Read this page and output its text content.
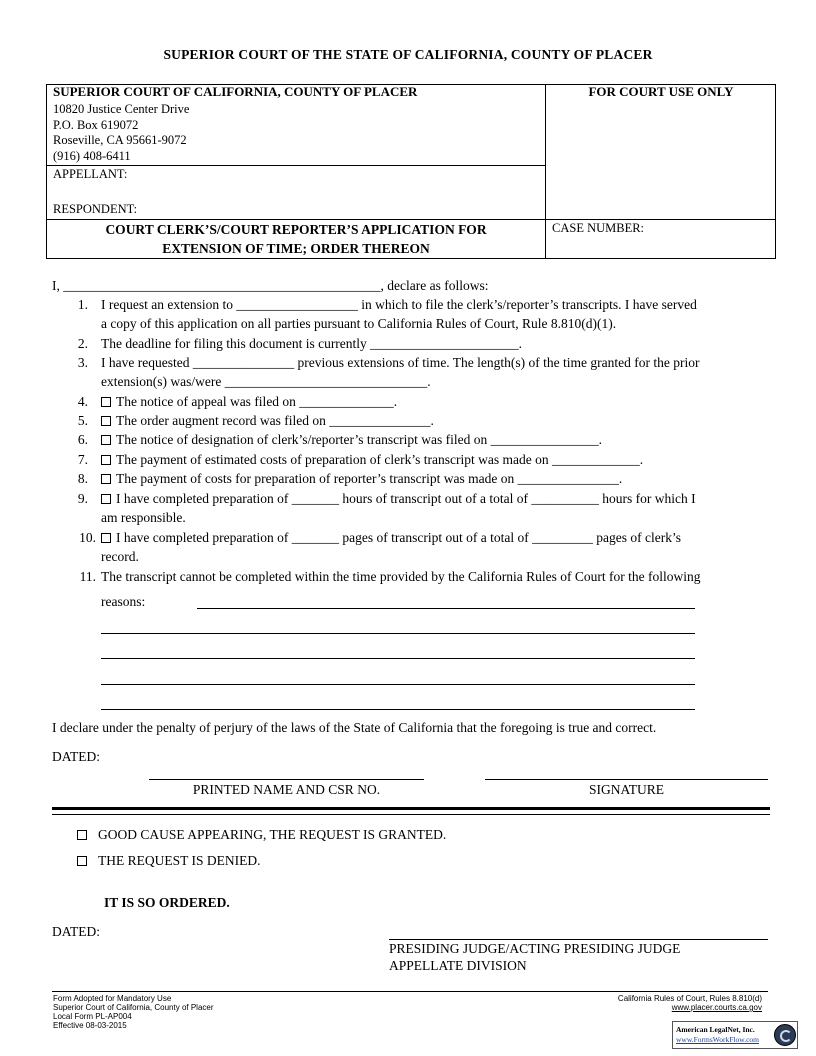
SUPERIOR COURT OF THE STATE OF CALIFORNIA, COUNTY OF PLACER
SUPERIOR COURT OF CALIFORNIA, COUNTY OF PLACER
10820 Justice Center Drive
P.O. Box 619072
Roseville, CA 95661-9072
(916) 408-6411
APPELLANT:
RESPONDENT:
FOR COURT USE ONLY
CASE NUMBER:
COURT CLERK’S/COURT REPORTER’S APPLICATION FOR
EXTENSION OF TIME; ORDER THEREON
I, _______________________________________________, declare as follows:
1. I request an extension to __________________ in which to file the clerk’s/reporter’s transcripts. I have served
a copy of this application on all parties pursuant to California Rules of Court, Rule 8.810(d)(1).
2. The deadline for filing this document is currently ______________________.
3. I have requested _______________ previous extensions of time. The length(s) of the time granted for the prior
extension(s) was/were ______________________________.
4.	The notice of appeal was filed on ______________.
5.	The order augment record was filed on _______________.
6.	The notice of designation of clerk’s/reporter’s transcript was filed on ________________.
7.	The payment of estimated costs of preparation of clerk’s transcript was made on _____________.
8.	The payment of costs for preparation of reporter’s transcript was made on _______________.
9.	I have completed preparation of _______ hours of transcript out of a total of __________ hours for which I
am responsible.
10.	I have completed preparation of _______ pages of transcript out of a total of _________ pages of clerk’s
record.
11. The transcript cannot be completed within the time provided by the California Rules of Court for the following
reasons:
I declare under the penalty of perjury of the laws of the State of California that the foregoing is true and correct.
DATED:
PRINTED NAME AND CSR NO.	SIGNATURE
GOOD CAUSE APPEARING, THE REQUEST IS GRANTED.
THE REQUEST IS DENIED.
IT IS SO ORDERED.
DATED:
PRESIDING JUDGE/ACTING PRESIDING JUDGE
APPELLATE DIVISION
Form Adopted for Mandatory Use
Superior Court of California, County of Placer
Local Form PL-AP004
Effective 08-03-2015
California Rules of Court, Rules 8.810(d)
www.placer.courts.ca.gov
American LegalNet, Inc.
www.FormsWorkFlow.com
